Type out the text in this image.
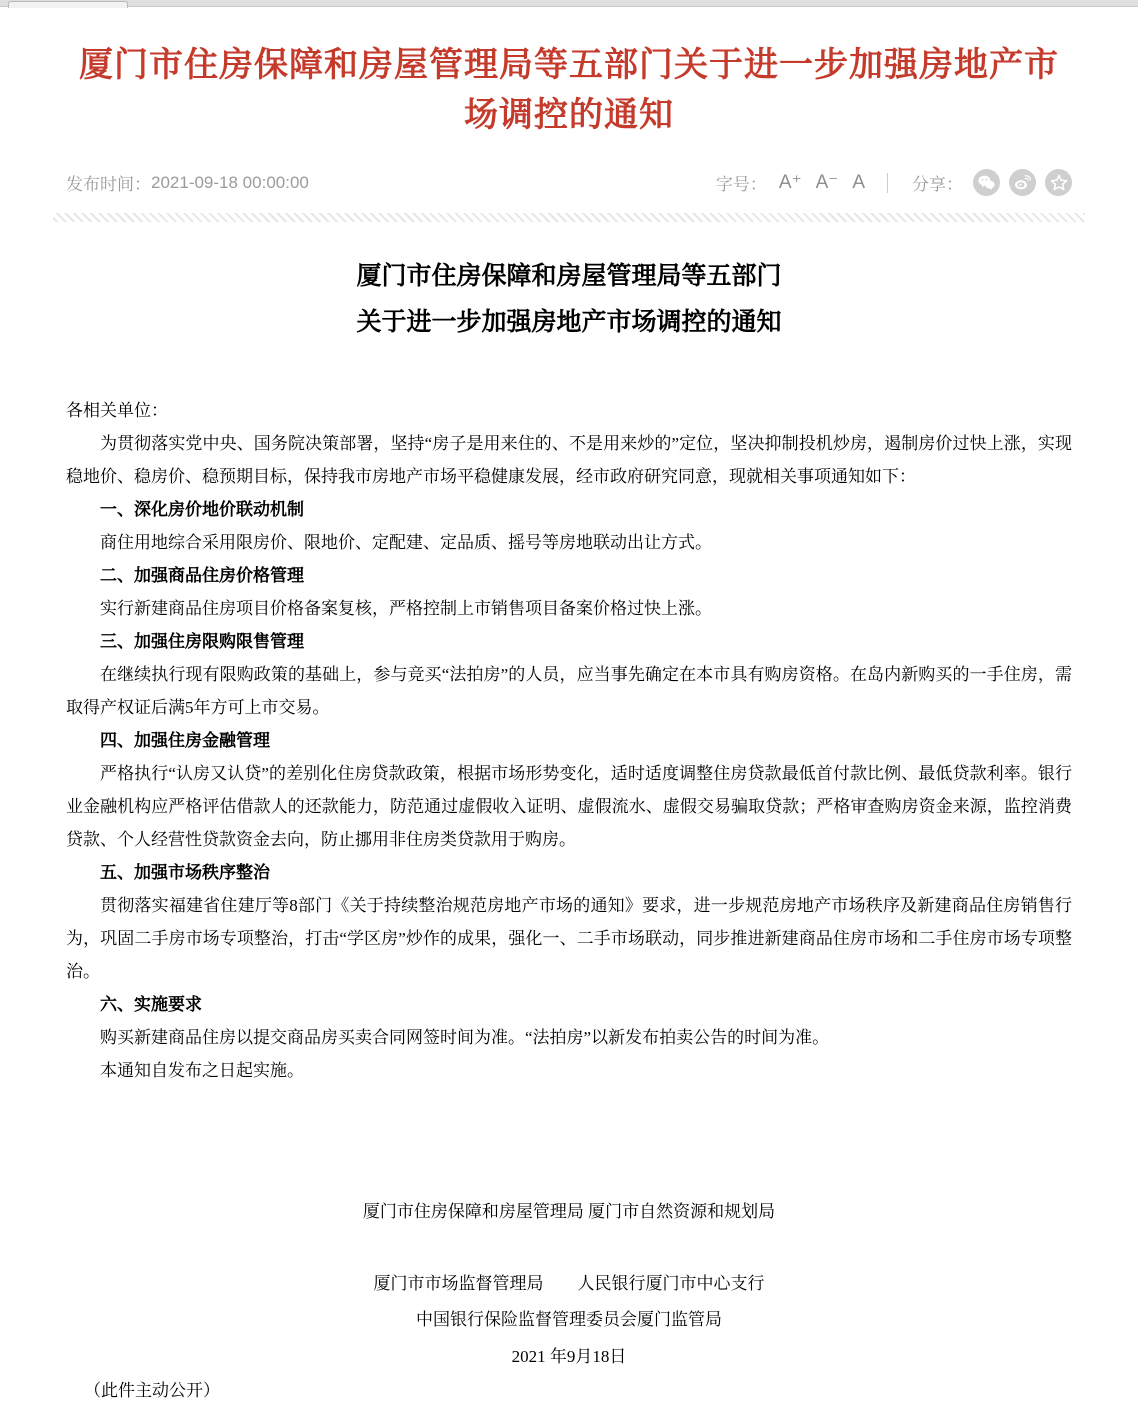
厦门市住房保障和房屋管理局等五部门关于进一步加强房地产市场调控的通知
发布时间： 2021-09-18 00:00:00	字号： A⁺ A⁻ A	分享：
厦门市住房保障和房屋管理局等五部门
关于进一步加强房地产市场调控的通知

各相关单位：

为贯彻落实党中央、国务院决策部署，坚持“房子是用来住的、不是用来炒的”定位，坚决抑制投机炒房，遏制房价过快上涨，实现稳地价、稳房价、稳预期目标，保持我市房地产市场平稳健康发展，经市政府研究同意，现就相关事项通知如下：

一、深化房价地价联动机制

商住用地综合采用限房价、限地价、定配建、定品质、摇号等房地联动出让方式。

二、加强商品住房价格管理

实行新建商品住房项目价格备案复核，严格控制上市销售项目备案价格过快上涨。

三、加强住房限购限售管理

在继续执行现有限购政策的基础上，参与竞买“法拍房”的人员，应当事先确定在本市具有购房资格。在岛内新购买的一手住房，需取得产权证后满5年方可上市交易。

四、加强住房金融管理

严格执行“认房又认贷”的差别化住房贷款政策，根据市场形势变化，适时适度调整住房贷款最低首付款比例、最低贷款利率。银行业金融机构应严格评估借款人的还款能力，防范通过虚假收入证明、虚假流水、虚假交易骗取贷款；严格审查购房资金来源，监控消费贷款、个人经营性贷款资金去向，防止挪用非住房类贷款用于购房。

五、加强市场秩序整治

贯彻落实福建省住建厅等8部门《关于持续整治规范房地产市场的通知》要求，进一步规范房地产市场秩序及新建商品住房销售行为，巩固二手房市场专项整治，打击“学区房”炒作的成果，强化一、二手市场联动，同步推进新建商品住房市场和二手住房市场专项整治。

六、实施要求

购买新建商品住房以提交商品房买卖合同网签时间为准。“法拍房”以新发布拍卖公告的时间为准。

本通知自发布之日起实施。

厦门市住房保障和房屋管理局 厦门市自然资源和规划局
厦门市市场监督管理局　　人民银行厦门市中心支行
中国银行保险监督管理委员会厦门监管局
2021 年9月18日
（此件主动公开）
